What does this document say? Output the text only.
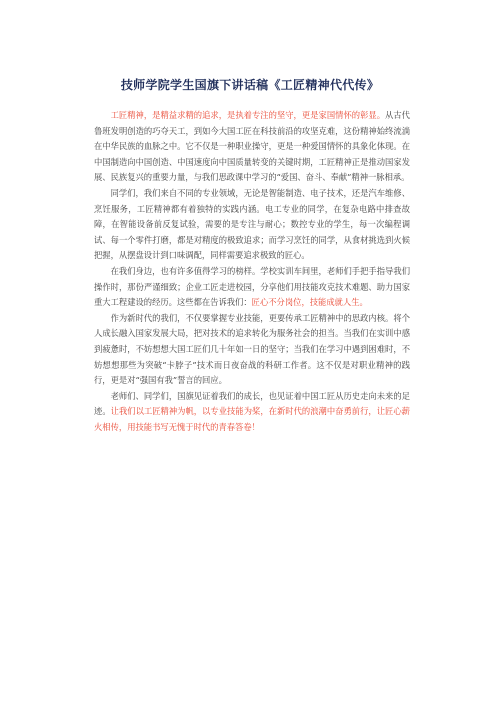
技师学院学生国旗下讲话稿《工匠精神代代传》

工匠精神，是精益求精的追求，是执着专注的坚守，更是家国情怀的彰显。从古代鲁班发明创造的巧夺天工，到如今大国工匠在科技前沿的攻坚克难，这份精神始终流淌在中华民族的血脉之中。它不仅是一种职业操守，更是一种爱国情怀的具象化体现。在中国制造向中国创造、中国速度向中国质量转变的关键时期，工匠精神正是推动国家发展、民族复兴的重要力量，与我们思政课中学习的“爱国、奋斗、奉献”精神一脉相承。

同学们，我们来自不同的专业领域，无论是智能制造、电子技术，还是汽车维修、烹饪服务，工匠精神都有着独特的实践内涵。电工专业的同学，在复杂电路中排查故障，在智能设备前反复试验，需要的是专注与耐心；数控专业的学生，每一次编程调试、每一个零件打磨，都是对精度的极致追求；而学习烹饪的同学，从食材挑选到火候把握，从摆盘设计到口味调配，同样需要追求极致的匠心。

在我们身边，也有许多值得学习的榜样。学校实训车间里，老师们手把手指导我们操作时，那份严谨细致；企业工匠走进校园，分享他们用技能攻克技术难题、助力国家重大工程建设的经历。这些都在告诉我们：匠心不分岗位，技能成就人生。

作为新时代的我们，不仅要掌握专业技能，更要传承工匠精神中的思政内核。将个人成长融入国家发展大局，把对技术的追求转化为服务社会的担当。当我们在实训中感到疲惫时，不妨想想大国工匠们几十年如一日的坚守；当我们在学习中遇到困难时，不妨想想那些为突破“卡脖子”技术而日夜奋战的科研工作者。这不仅是对职业精神的践行，更是对“强国有我”誓言的回应。

老师们、同学们，国旗见证着我们的成长，也见证着中国工匠从历史走向未来的足迹。让我们以工匠精神为帆，以专业技能为桨，在新时代的浪潮中奋勇前行，让匠心薪火相传，用技能书写无愧于时代的青春答卷！
